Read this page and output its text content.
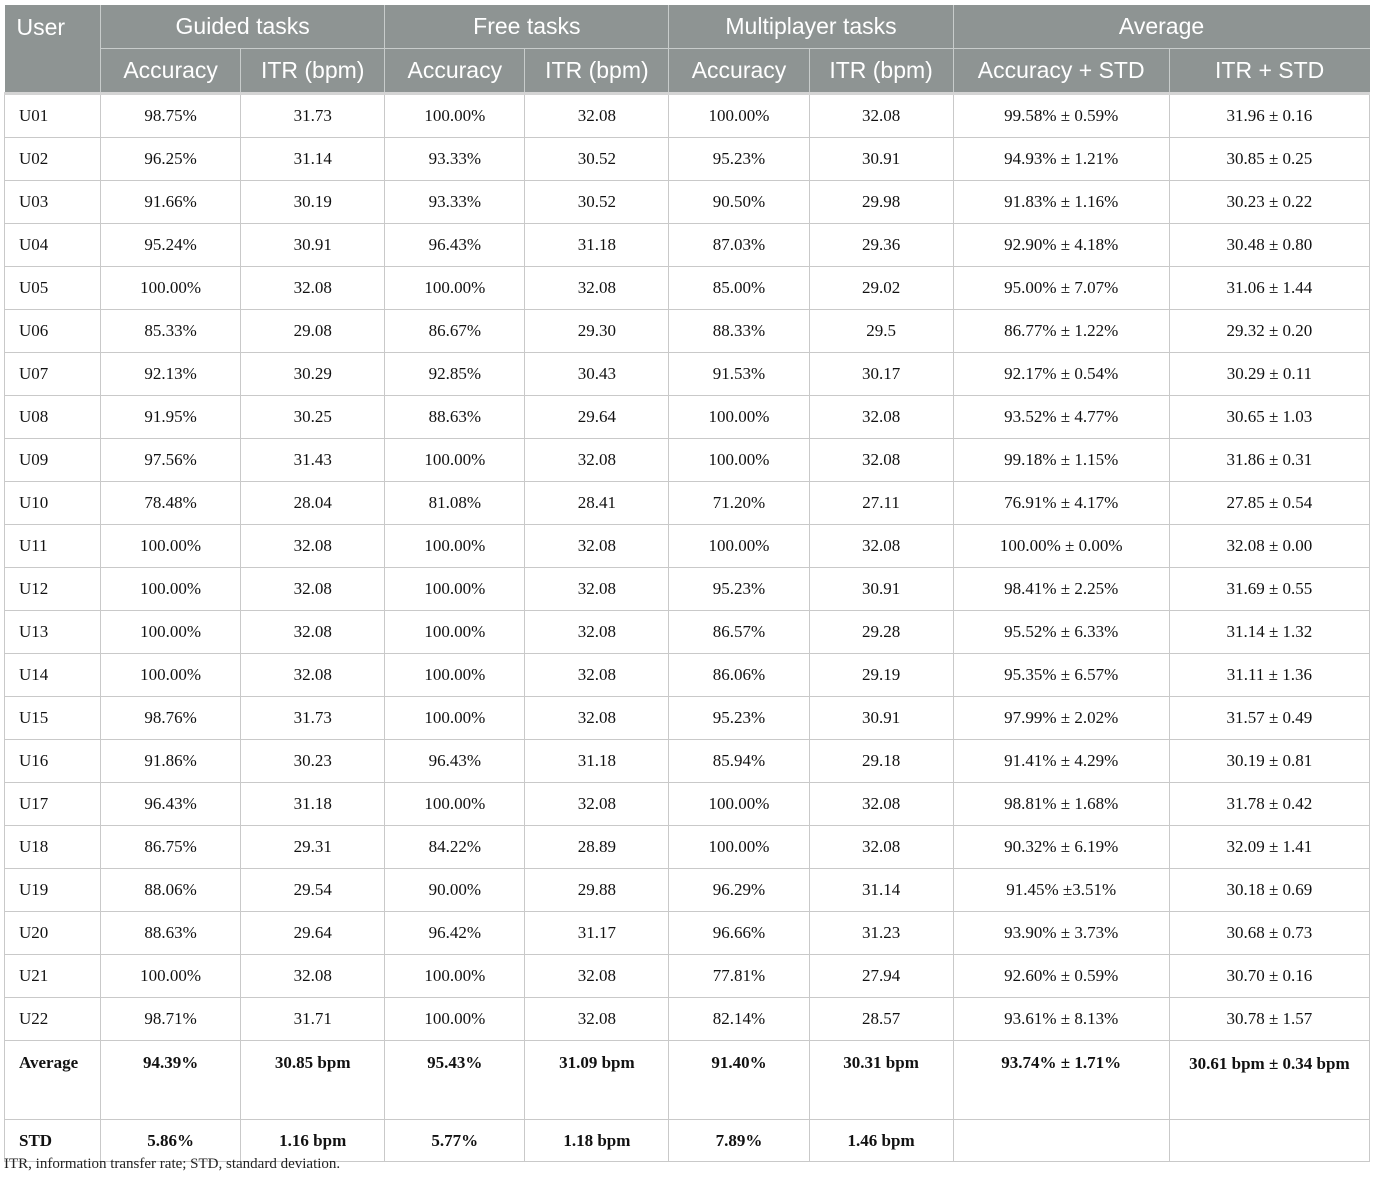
User	Guided tasks		Free tasks		Multiplayer tasks		Average	
	Accuracy	ITR (bpm)	Accuracy	ITR (bpm)	Accuracy	ITR (bpm)	Accuracy + STD	ITR + STD
U01	98.75%	31.73	100.00%	32.08	100.00%	32.08	99.58% ± 0.59%	31.96 ± 0.16
U02	96.25%	31.14	93.33%	30.52	95.23%	30.91	94.93% ± 1.21%	30.85 ± 0.25
U03	91.66%	30.19	93.33%	30.52	90.50%	29.98	91.83% ± 1.16%	30.23 ± 0.22
U04	95.24%	30.91	96.43%	31.18	87.03%	29.36	92.90% ± 4.18%	30.48 ± 0.80
U05	100.00%	32.08	100.00%	32.08	85.00%	29.02	95.00% ± 7.07%	31.06 ± 1.44
U06	85.33%	29.08	86.67%	29.30	88.33%	29.5	86.77% ± 1.22%	29.32 ± 0.20
U07	92.13%	30.29	92.85%	30.43	91.53%	30.17	92.17% ± 0.54%	30.29 ± 0.11
U08	91.95%	30.25	88.63%	29.64	100.00%	32.08	93.52% ± 4.77%	30.65 ± 1.03
U09	97.56%	31.43	100.00%	32.08	100.00%	32.08	99.18% ± 1.15%	31.86 ± 0.31
U10	78.48%	28.04	81.08%	28.41	71.20%	27.11	76.91% ± 4.17%	27.85 ± 0.54
U11	100.00%	32.08	100.00%	32.08	100.00%	32.08	100.00% ± 0.00%	32.08 ± 0.00
U12	100.00%	32.08	100.00%	32.08	95.23%	30.91	98.41% ± 2.25%	31.69 ± 0.55
U13	100.00%	32.08	100.00%	32.08	86.57%	29.28	95.52% ± 6.33%	31.14 ± 1.32
U14	100.00%	32.08	100.00%	32.08	86.06%	29.19	95.35% ± 6.57%	31.11 ± 1.36
U15	98.76%	31.73	100.00%	32.08	95.23%	30.91	97.99% ± 2.02%	31.57 ± 0.49
U16	91.86%	30.23	96.43%	31.18	85.94%	29.18	91.41% ± 4.29%	30.19 ± 0.81
U17	96.43%	31.18	100.00%	32.08	100.00%	32.08	98.81% ± 1.68%	31.78 ± 0.42
U18	86.75%	29.31	84.22%	28.89	100.00%	32.08	90.32% ± 6.19%	32.09 ± 1.41
U19	88.06%	29.54	90.00%	29.88	96.29%	31.14	91.45% ±3.51%	30.18 ± 0.69
U20	88.63%	29.64	96.42%	31.17	96.66%	31.23	93.90% ± 3.73%	30.68 ± 0.73
U21	100.00%	32.08	100.00%	32.08	77.81%	27.94	92.60% ± 0.59%	30.70 ± 0.16
U22	98.71%	31.71	100.00%	32.08	82.14%	28.57	93.61% ± 8.13%	30.78 ± 1.57
Average	94.39%	30.85 bpm	95.43%	31.09 bpm	91.40%	30.31 bpm	93.74% ± 1.71%	30.61 bpm ± 0.34 bpm
STD	5.86%	1.16 bpm	5.77%	1.18 bpm	7.89%	1.46 bpm		
ITR, information transfer rate; STD, standard deviation.
